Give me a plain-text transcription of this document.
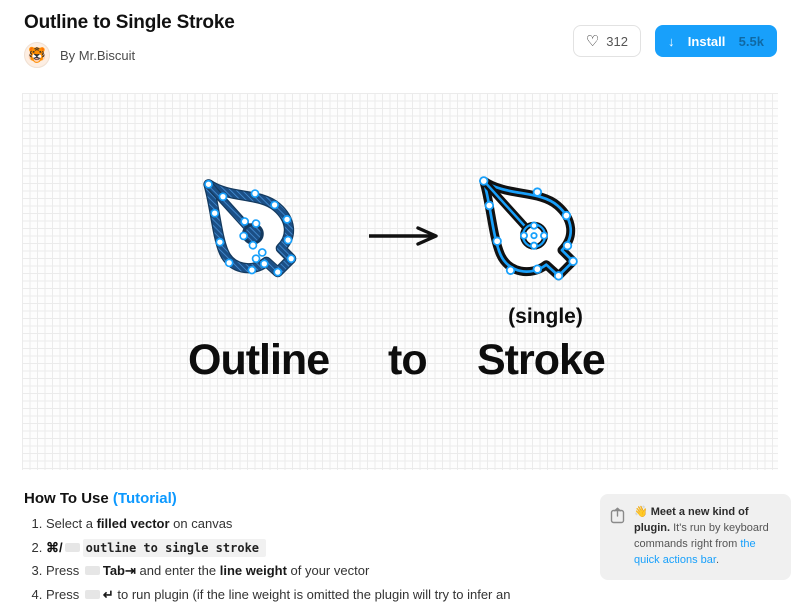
Outline to Single Stroke
🐯 By Mr.Biscuit
♡ 312	↓ Install 5.5k
Outline to
(single)
Stroke
How To Use (Tutorial)
1. Select a filled vector on canvas
2. ⌘/ outline to single stroke
3. Press Tab⇥ and enter the line weight of your vector
4. Press ↵ to run plugin (if the line weight is omitted the plugin will try to infer an
👋 Meet a new kind of plugin. It's run by keyboard commands right from the quick actions bar.
